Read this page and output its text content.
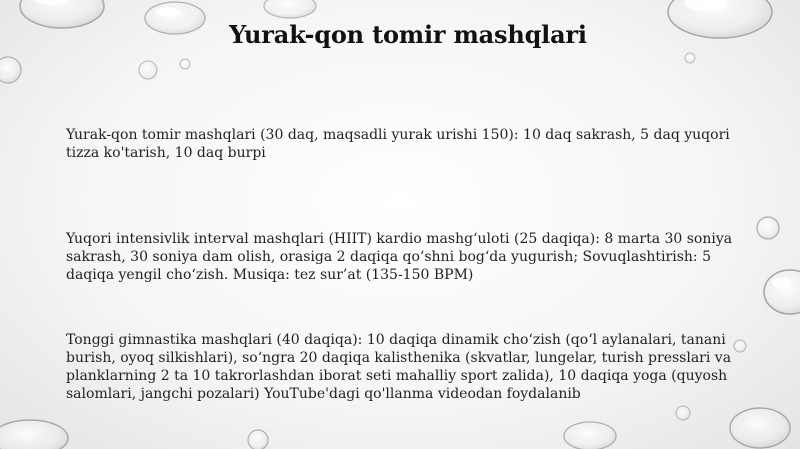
Yurak-qon tomir mashqlari
Yurak-qon tomir mashqlari (30 daq, maqsadli yurak urishi 150): 10 daq sakrash, 5 daq yuqori tizza ko'tarish, 10 daq burpi
Yuqori intensivlik interval mashqlari (HIIT) kardio mashg‘uloti (25 daqiqa): 8 marta 30 soniya sakrash, 30 soniya dam olish, orasiga 2 daqiqa qo‘shni bog‘da yugurish; Sovuqlashtirish: 5 daqiqa yengil cho‘zish. Musiqa: tez sur’at (135-150 BPM)
Tonggi gimnastika mashqlari (40 daqiqa): 10 daqiqa dinamik cho‘zish (qo‘l aylanalari, tanani burish, oyoq silkishlari), so‘ngra 20 daqiqa kalisthenika (skvatlar, lungelar, turish presslari va planklarning 2 ta 10 takrorlashdan iborat seti mahalliy sport zalida), 10 daqiqa yoga (quyosh salomlari, jangchi pozalari) YouTube'dagi qo'llanma videodan foydalanib
